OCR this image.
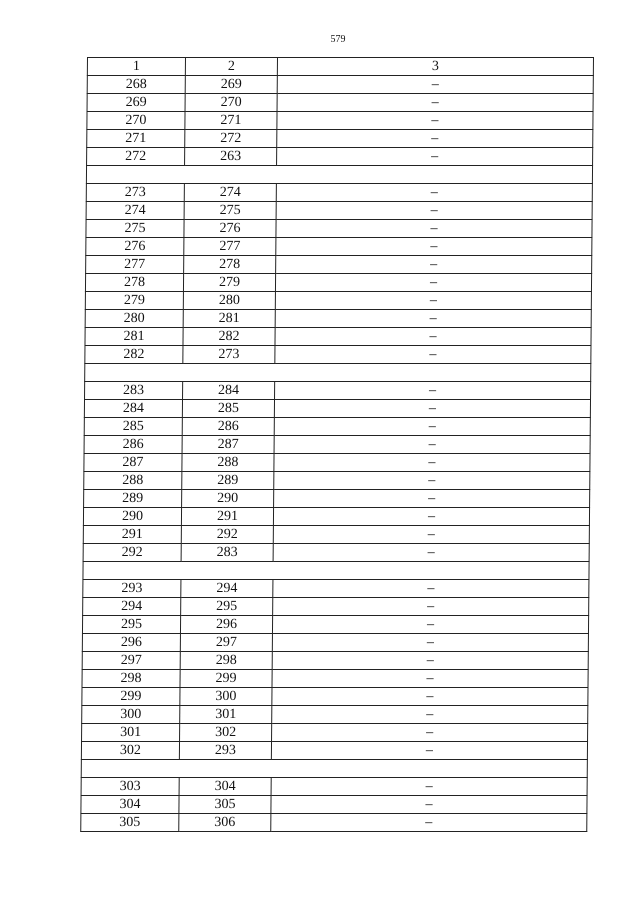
579
1	2	3
268	269	–
269	270	–
270	271	–
271	272	–
272	263	–

273	274	–
274	275	–
275	276	–
276	277	–
277	278	–
278	279	–
279	280	–
280	281	–
281	282	–
282	273	–

283	284	–
284	285	–
285	286	–
286	287	–
287	288	–
288	289	–
289	290	–
290	291	–
291	292	–
292	283	–

293	294	–
294	295	–
295	296	–
296	297	–
297	298	–
298	299	–
299	300	–
300	301	–
301	302	–
302	293	–

303	304	–
304	305	–
305	306	–
